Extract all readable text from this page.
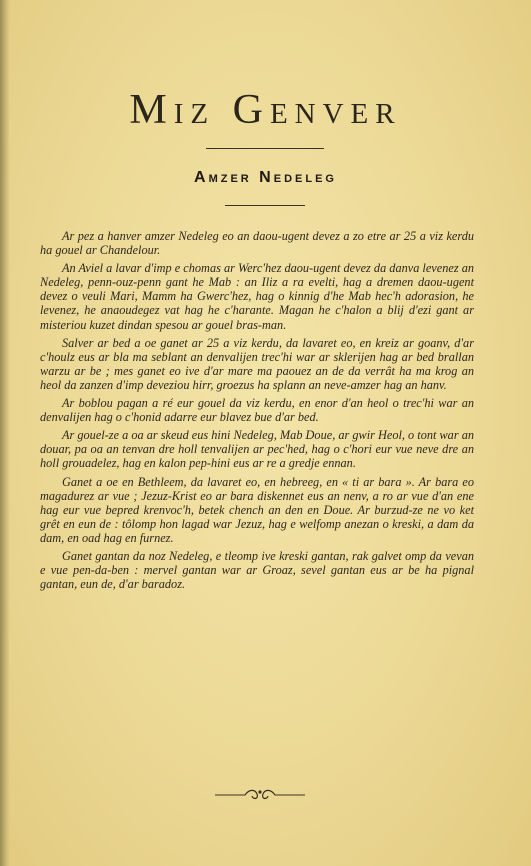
Miz Genver
Amzer Nedeleg

Ar pez a hanver amzer Nedeleg eo an daou-ugent devez a zo etre ar 25 a viz kerdu ha gouel ar Chandelour.

An Aviel a lavar d'imp e chomas ar Werc'hez daou-ugent devez da danva levenez an Nedeleg, penn-ouz-penn gant he Mab : an Iliz a ra evelti, hag a dremen daou-ugent devez o veuli Mari, Mamm ha Gwerc'hez, hag o kinnig d'he Mab hec'h adorasion, he levenez, he anaoudegez vat hag he c'harante. Magan he c'halon a blij d'ezi gant ar misteriou kuzet dindan spesou ar gouel bras-man.

Salver ar bed a oe ganet ar 25 a viz kerdu, da lavaret eo, en kreiz ar goanv, d'ar c'houlz eus ar bla ma seblant an denvalijen trec'hi war ar sklerijen hag ar bed brallan warzu ar be ; mes ganet eo ive d'ar mare ma paouez an de da verrât ha ma krog an heol da zanzen d'imp deveziou hirr, groezus ha splann an neve-amzer hag an hanv.

Ar boblou pagan a ré eur gouel da viz kerdu, en enor d'an heol o trec'hi war an denvalijen hag o c'honid adarre eur blavez bue d'ar bed.

Ar gouel-ze a oa ar skeud eus hini Nedeleg, Mab Doue, ar gwir Heol, o tont war an douar, pa oa an tenvan dre holl tenvalijen ar pec'hed, hag o c'hori eur vue neve dre an holl grouadelez, hag en kalon pep-hini eus ar re a gredje ennan.

Ganet a oe en Bethleem, da lavaret eo, en hebreeg, en « ti ar bara ». Ar bara eo magadurez ar vue ; Jezuz-Krist eo ar bara diskennet eus an nenv, a ro ar vue d'an ene hag eur vue bepred krenvoc'h, betek chench an den en Doue. Ar burzud-ze ne vo ket grêt en eun de : tôlomp hon lagad war Jezuz, hag e welfomp anezan o kreski, a dam da dam, en oad hag en furnez.

Ganet gantan da noz Nedeleg, e tleomp ive kreski gantan, rak galvet omp da vevan e vue pen-da-ben : mervel gantan war ar Groaz, sevel gantan eus ar be ha pignal gantan, eun de, d'ar baradoz.
